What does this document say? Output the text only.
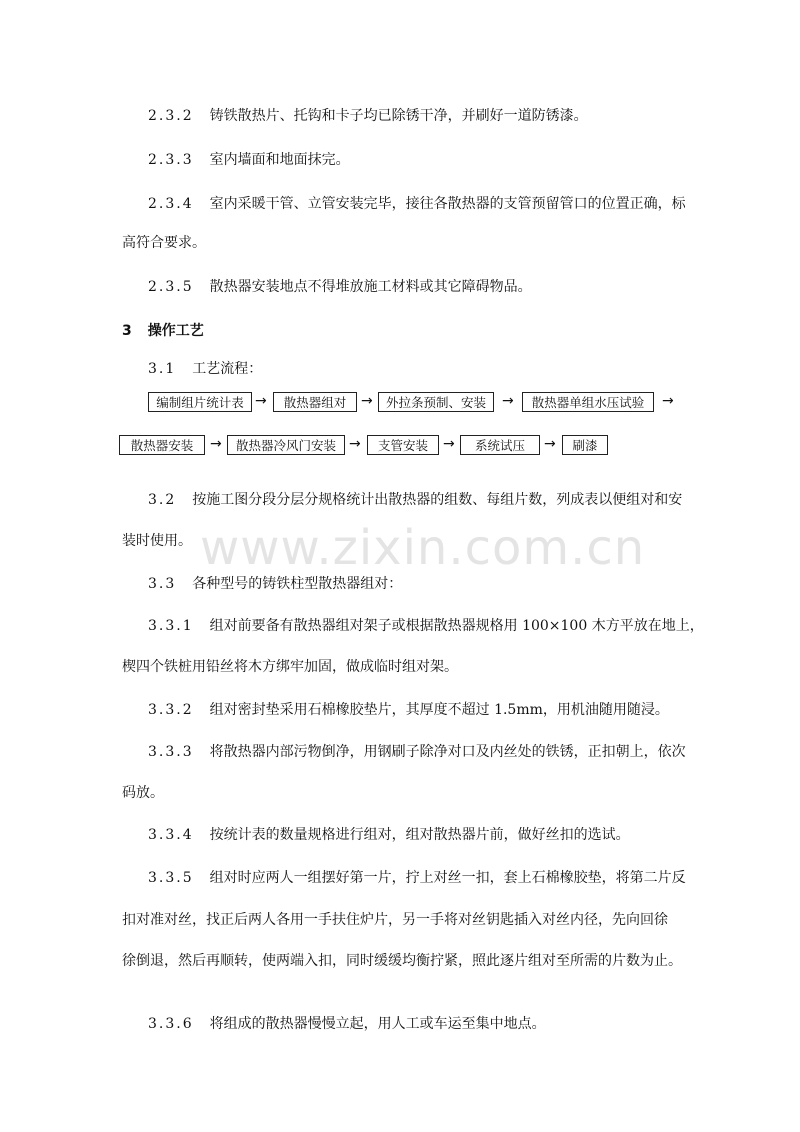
www.zixin.com.cn
2.3.2 铸铁散热片、托钩和卡子均已除锈干净，并刷好一道防锈漆。
2.3.3 室内墙面和地面抹完。
2.3.4 室内采暖干管、立管安装完毕，接往各散热器的支管预留管口的位置正确，标
高符合要求。
2.3.5 散热器安装地点不得堆放施工材料或其它障碍物品。
3 操作工艺
3.1 工艺流程：
编制组片统计表 →	散热器组对	→	外拉条预制、安装	→	散热器单组水压试验	→
散热器安装	→	散热器冷风门安装 →	支管安装	→	系统试压	→	刷漆
3.2 按施工图分段分层分规格统计出散热器的组数、每组片数，列成表以便组对和安
装时使用。
3.3 各种型号的铸铁柱型散热器组对：
3.3.1 组对前要备有散热器组对架子或根据散热器规格用 100×100 木方平放在地上，
楔四个铁桩用铅丝将木方绑牢加固，做成临时组对架。
3.3.2 组对密封垫采用石棉橡胶垫片，其厚度不超过 1.5mm，用机油随用随浸。
3.3.3 将散热器内部污物倒净，用钢刷子除净对口及内丝处的铁锈，正扣朝上，依次
码放。
3.3.4 按统计表的数量规格进行组对，组对散热器片前，做好丝扣的选试。
3.3.5 组对时应两人一组摆好第一片，拧上对丝一扣，套上石棉橡胶垫，将第二片反
扣对准对丝，找正后两人各用一手扶住炉片，另一手将对丝钥匙插入对丝内径，先向回徐
徐倒退，然后再顺转，使两端入扣，同时缓缓均衡拧紧，照此逐片组对至所需的片数为止。
3.3.6 将组成的散热器慢慢立起，用人工或车运至集中地点。
